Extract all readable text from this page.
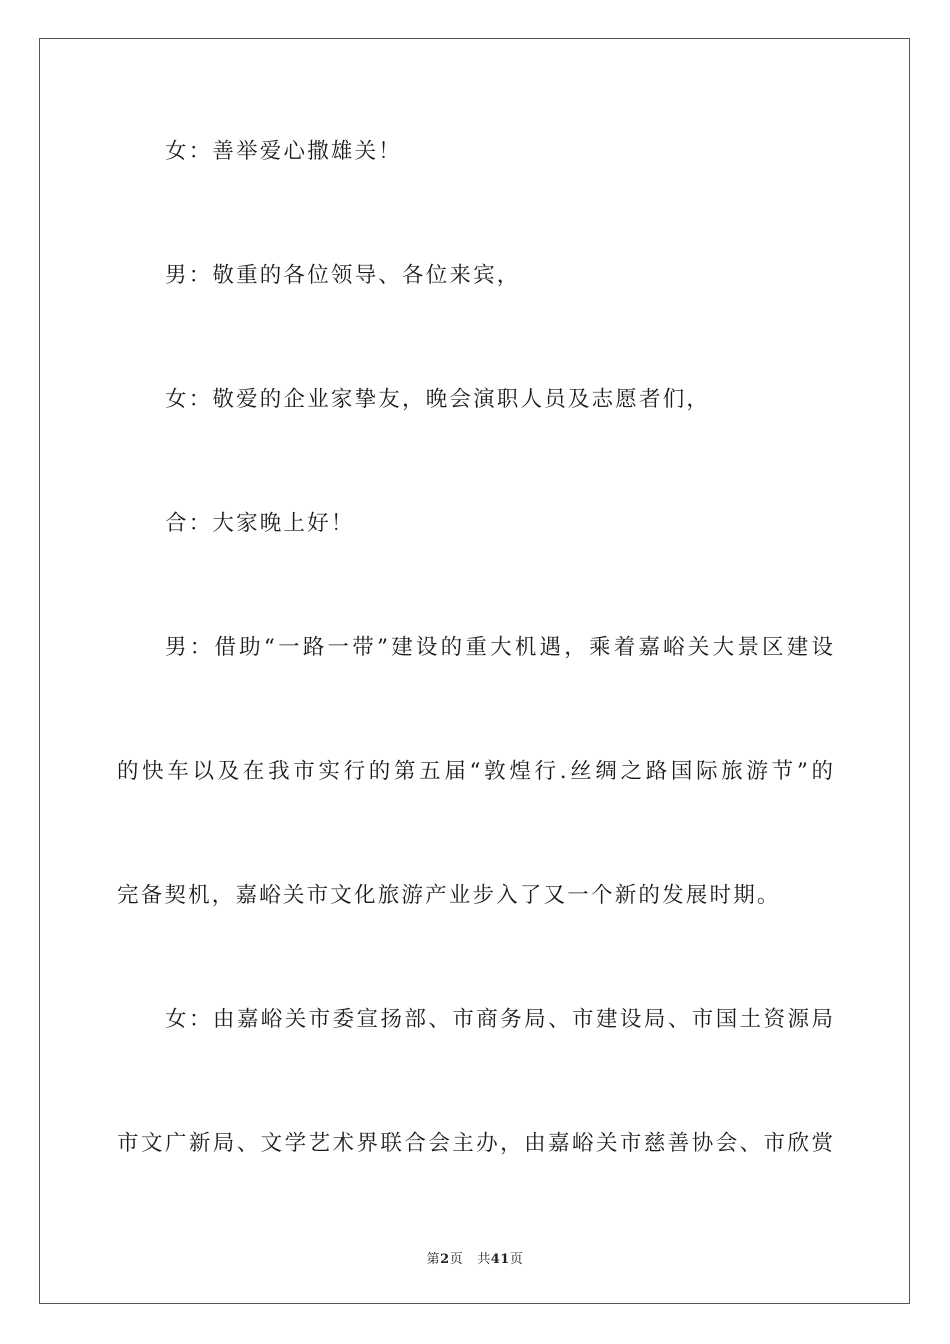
女：善举爱心撒雄关！

男：敬重的各位领导、各位来宾，

女：敬爱的企业家挚友，晚会演职人员及志愿者们，

合：大家晚上好！

男：借助“一路一带”建设的重大机遇，乘着嘉峪关大景区建设

的快车以及在我市实行的第五届“敦煌行.丝绸之路国际旅游节”的

完备契机，嘉峪关市文化旅游产业步入了又一个新的发展时期。

女：由嘉峪关市委宣扬部、市商务局、市建设局、市国土资源局

市文广新局、文学艺术界联合会主办，由嘉峪关市慈善协会、市欣赏

第2页 共41页
